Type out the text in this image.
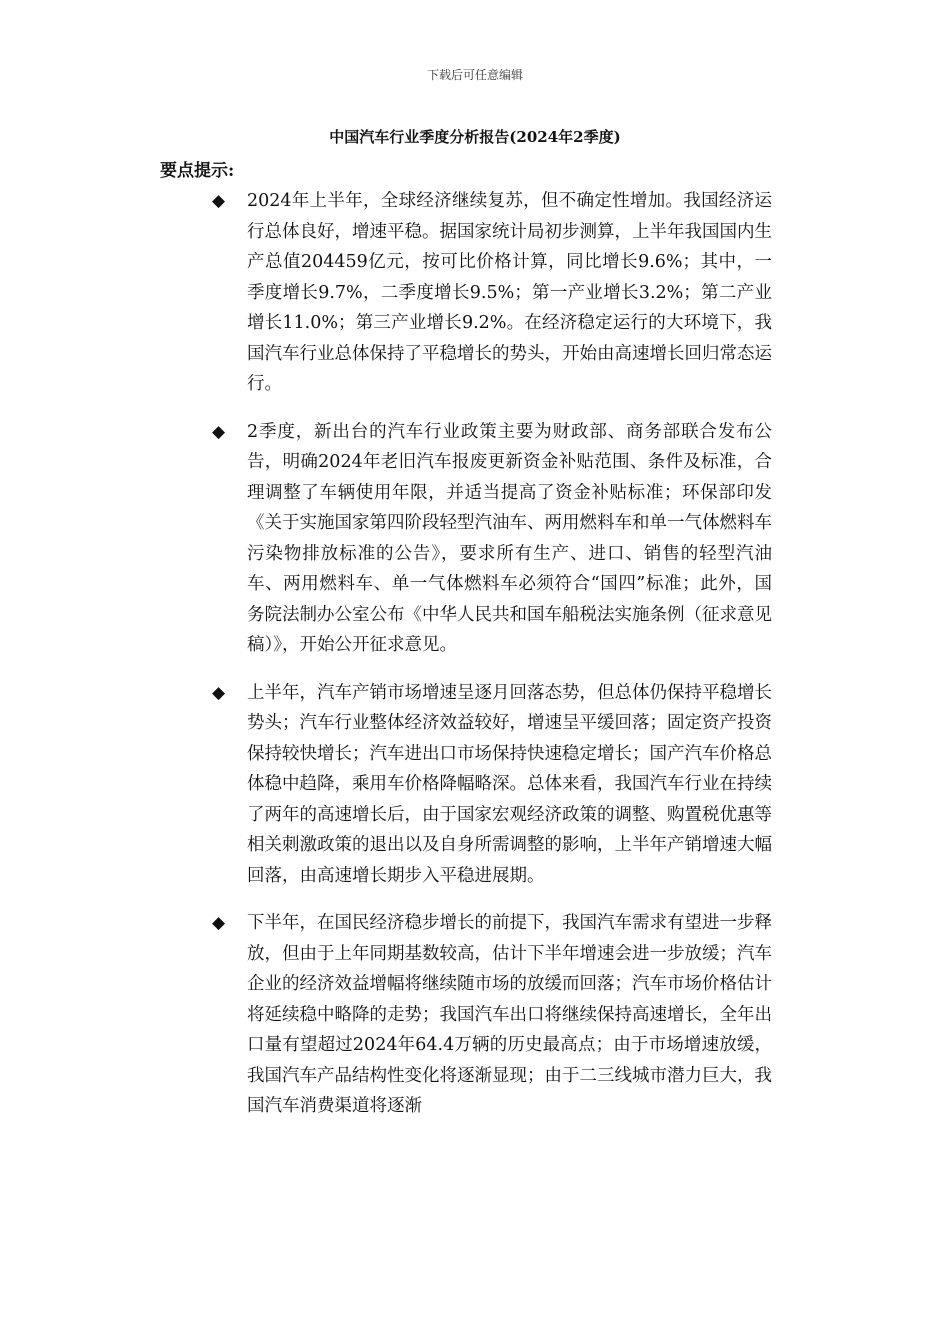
下载后可任意编辑
中国汽车行业季度分析报告(2024年2季度)
要点提示:
◆	2024年上半年，全球经济继续复苏，但不确定性增加。我国经济运行总体良好，增速平稳。据国家统计局初步测算，上半年我国国内生产总值204459亿元，按可比价格计算，同比增长9.6%；其中，一季度增长9.7%，二季度增长9.5%；第一产业增长3.2%；第二产业增长11.0%；第三产业增长9.2%。在经济稳定运行的大环境下，我国汽车行业总体保持了平稳增长的势头，开始由高速增长回归常态运行。
◆	2季度，新出台的汽车行业政策主要为财政部、商务部联合发布公告，明确2024年老旧汽车报废更新资金补贴范围、条件及标准，合理调整了车辆使用年限，并适当提高了资金补贴标准；环保部印发《关于实施国家第四阶段轻型汽油车、两用燃料车和单一气体燃料车污染物排放标准的公告》，要求所有生产、进口、销售的轻型汽油车、两用燃料车、单一气体燃料车必须符合“国四”标准；此外，国务院法制办公室公布《中华人民共和国车船税法实施条例（征求意见稿）》，开始公开征求意见。
◆	上半年，汽车产销市场增速呈逐月回落态势，但总体仍保持平稳增长势头；汽车行业整体经济效益较好，增速呈平缓回落；固定资产投资保持较快增长；汽车进出口市场保持快速稳定增长；国产汽车价格总体稳中趋降，乘用车价格降幅略深。总体来看，我国汽车行业在持续了两年的高速增长后，由于国家宏观经济政策的调整、购置税优惠等相关刺激政策的退出以及自身所需调整的影响，上半年产销增速大幅回落，由高速增长期步入平稳进展期。
◆	下半年，在国民经济稳步增长的前提下，我国汽车需求有望进一步释放，但由于上年同期基数较高，估计下半年增速会进一步放缓；汽车企业的经济效益增幅将继续随市场的放缓而回落；汽车市场价格估计将延续稳中略降的走势；我国汽车出口将继续保持高速增长，全年出口量有望超过2024年64.4万辆的历史最高点；由于市场增速放缓，我国汽车产品结构性变化将逐渐显现；由于二三线城市潜力巨大，我国汽车消费渠道将逐渐
